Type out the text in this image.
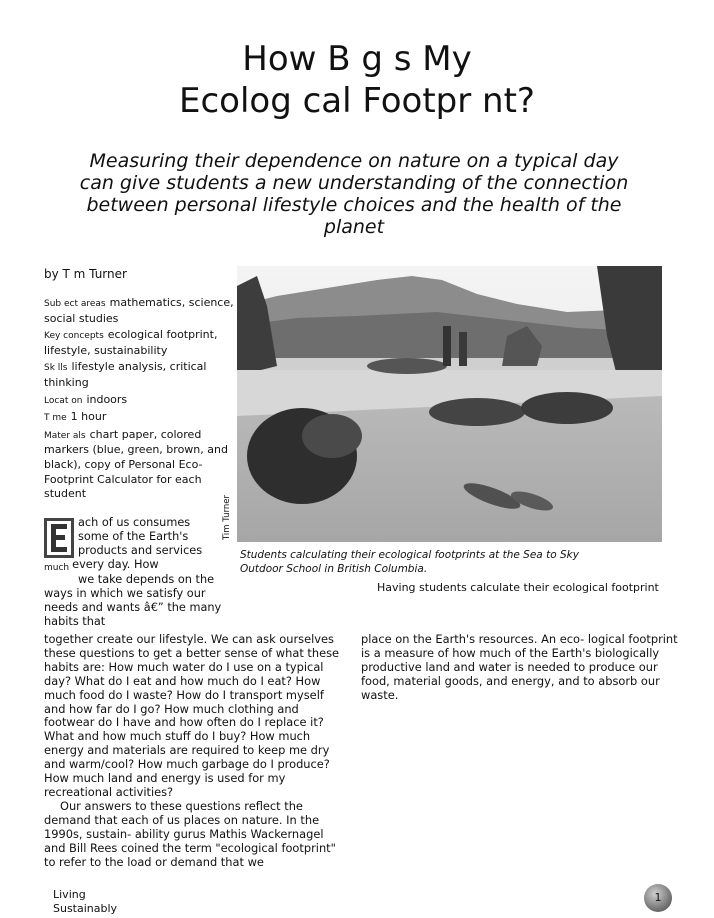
How B g s My
Ecolog cal Footpr nt?
Measuring their dependence on nature on a typical day can give students a new understanding of the connection between personal lifestyle choices and the health of the planet
by T m Turner
Sub ect areas mathematics, science, social studies
Key concepts ecological footprint, lifestyle, sustainability
Sk lls lifestyle analysis, critical thinking
Locat on indoors
T me 1 hour
Mater als chart paper, colored markers (blue, green, brown, and black), copy of Personal Eco-Footprint Calculator for each student
Tim Turner
Students calculating their ecological footprints at the Sea to Sky Outdoor School in British Columbia.
Having students calculate their ecological footprint
ach of us consumes
some of the Earth's
products and services
much every day. How
we take depends on the
ways in which we satisfy our
needs and wants â€” the many
habits that

together create our lifestyle. We can ask ourselves these questions to get a better sense of what these habits are: How much water do I use on a typical day? What do I eat and how much do I eat? How much food do I waste? How do I transport myself and how far do I go? How much clothing and footwear do I have and how often do I replace it? What and how much stuff do I buy? How much energy and materials are required to keep me dry and warm/cool? How much garbage do I produce? How much land and energy is used for my recreational activities?

Our answers to these questions reflect the demand that each of us places on nature. In the 1990s, sustain- ability gurus Mathis Wackernagel and Bill Rees coined the term "ecological footprint" to refer to the load or demand that we

place on the Earth's resources. An eco- logical footprint is a measure of how much of the Earth's biologically productive land and water is needed to produce our food, material goods, and energy, and to absorb our waste.

Living
Sustainably
1
